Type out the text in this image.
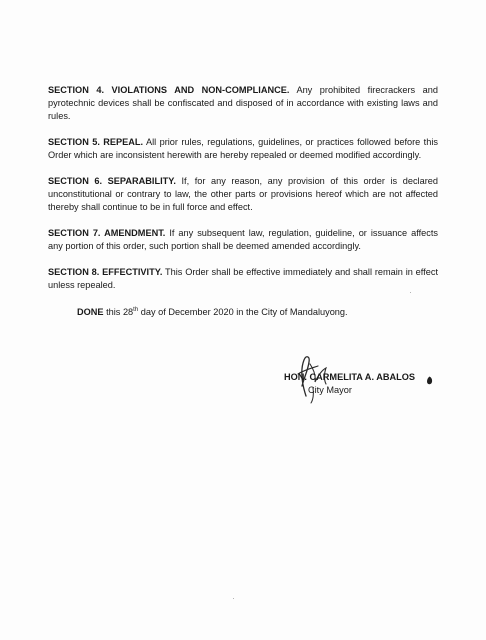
SECTION 4. VIOLATIONS AND NON-COMPLIANCE. Any prohibited firecrackers and pyrotechnic devices shall be confiscated and disposed of in accordance with existing laws and rules.

SECTION 5. REPEAL. All prior rules, regulations, guidelines, or practices followed before this Order which are inconsistent herewith are hereby repealed or deemed modified accordingly.

SECTION 6. SEPARABILITY. If, for any reason, any provision of this order is declared unconstitutional or contrary to law, the other parts or provisions hereof which are not affected thereby shall continue to be in full force and effect.

SECTION 7. AMENDMENT. If any subsequent law, regulation, guideline, or issuance affects any portion of this order, such portion shall be deemed amended accordingly.

SECTION 8. EFFECTIVITY. This Order shall be effective immediately and shall remain in effect unless repealed.

DONE this 28th day of December 2020 in the City of Mandaluyong.
HON. CARMELITA A. ABALOS
City Mayor
